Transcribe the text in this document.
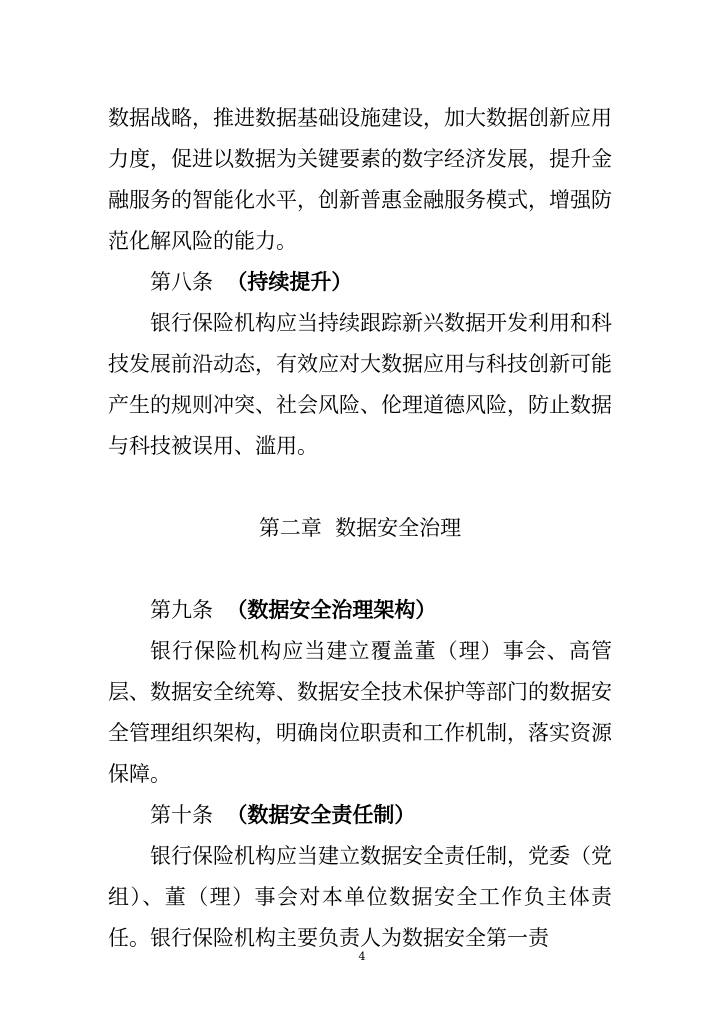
数据战略，推进数据基础设施建设，加大数据创新应用力度，促进以数据为关键要素的数字经济发展，提升金融服务的智能化水平，创新普惠金融服务模式，增强防范化解风险的能力。

第八条 （持续提升）

银行保险机构应当持续跟踪新兴数据开发利用和科技发展前沿动态，有效应对大数据应用与科技创新可能产生的规则冲突、社会风险、伦理道德风险，防止数据与科技被误用、滥用。

第二章 数据安全治理

第九条 （数据安全治理架构）

银行保险机构应当建立覆盖董（理）事会、高管层、数据安全统筹、数据安全技术保护等部门的数据安全管理组织架构，明确岗位职责和工作机制，落实资源保障。

第十条 （数据安全责任制）

银行保险机构应当建立数据安全责任制，党委（党组）、董（理）事会对本单位数据安全工作负主体责任。银行保险机构主要负责人为数据安全第一责

4
